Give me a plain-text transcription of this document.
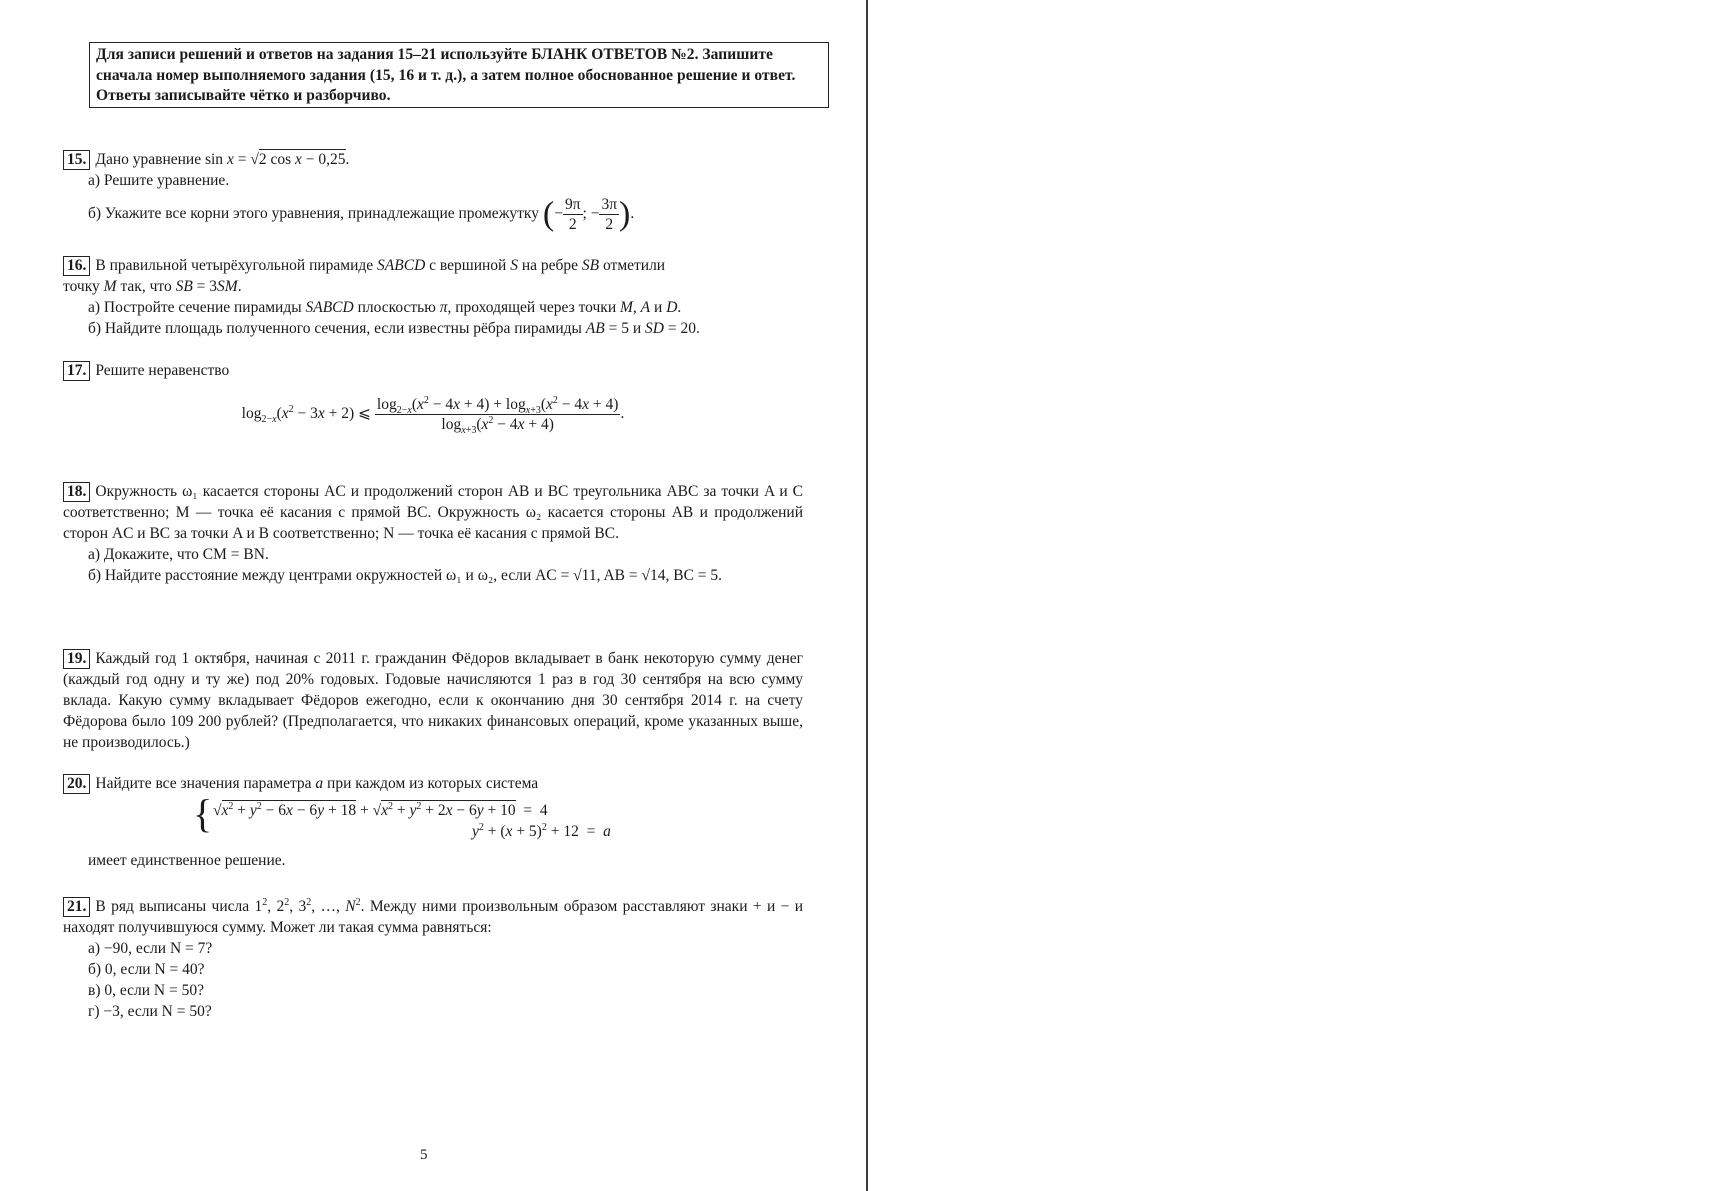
Для записи решений и ответов на задания 15–21 используйте БЛАНК ОТВЕТОВ №2. Запишите сначала номер выполняемого задания (15, 16 и т. д.), а затем полное обоснованное решение и ответ. Ответы записывайте чётко и разборчиво.
15. Дано уравнение sin x = √2 cos x − 0,25.
а) Решите уравнение.
б) Укажите все корни этого уравнения, принадлежащие промежутку (− $\frac{9\pi}{2}$ ; − $\frac{3\pi}{2}$ ).
16. В правильной четырёхугольной пирамиде SABCD с вершиной S на ребре SB отметили
точку M так, что SB = 3SM.
а) Постройте сечение пирамиды SABCD плоскостью π, проходящей через точки M, A и D.
б) Найдите площадь полученного сечения, если известны рёбра пирамиды AB = 5 и SD = 20.
17. Решите неравенство
$\log_{2-x}(x^2 - 3x + 2)$ ⩽ $\frac{\log_{2-x}(x^2 - 4x + 4) + \log_{x+3}(x^2 - 4x + 4)}{\log_{x+3}(x^2 - 4x + 4)}$ .
18. Окружность ω₁ касается стороны AC и продолжений сторон AB и BC треугольника ABC за точки A и C соответственно; M — точка её касания с прямой BC. Окружность ω₂ касается стороны AB и продолжений сторон AC и BC за точки A и B соответственно; N — точка её касания с прямой BC.
а) Докажите, что CM = BN.
б) Найдите расстояние между центрами окружностей ω₁ и ω₂, если AC = √11, AB = √14, BC = 5.
19. Каждый год 1 октября, начиная с 2011 г. гражданин Фёдоров вкладывает в банк некоторую сумму денег (каждый год одну и ту же) под 20% годовых. Годовые начисляются 1 раз в год 30 сентября на всю сумму вклада. Какую сумму вкладывает Фёдоров ежегодно, если к окончанию дня 30 сентября 2014 г. на счету Фёдорова было 109 200 рублей? (Предполагается, что никаких финансовых операций, кроме указанных выше, не производилось.)
20. Найдите все значения параметра a при каждом из которых система
{ $√x^2 + y^2 - 6x - 6y + 18 + √x^2 + y^2 + 2x - 6y + 10 = 4$
$y^2 + (x + 5)^2 + 12 = a$
имеет единственное решение.
21. В ряд выписаны числа $1^2$, $2^2$, $3^2$, …, $N^2$. Между ними произвольным образом расставляют знаки + и − и находят получившуюся сумму. Может ли такая сумма равняться:
а) −90, если N = 7?
б) 0, если N = 40?
в) 0, если N = 50?
г) −3, если N = 50?
5
